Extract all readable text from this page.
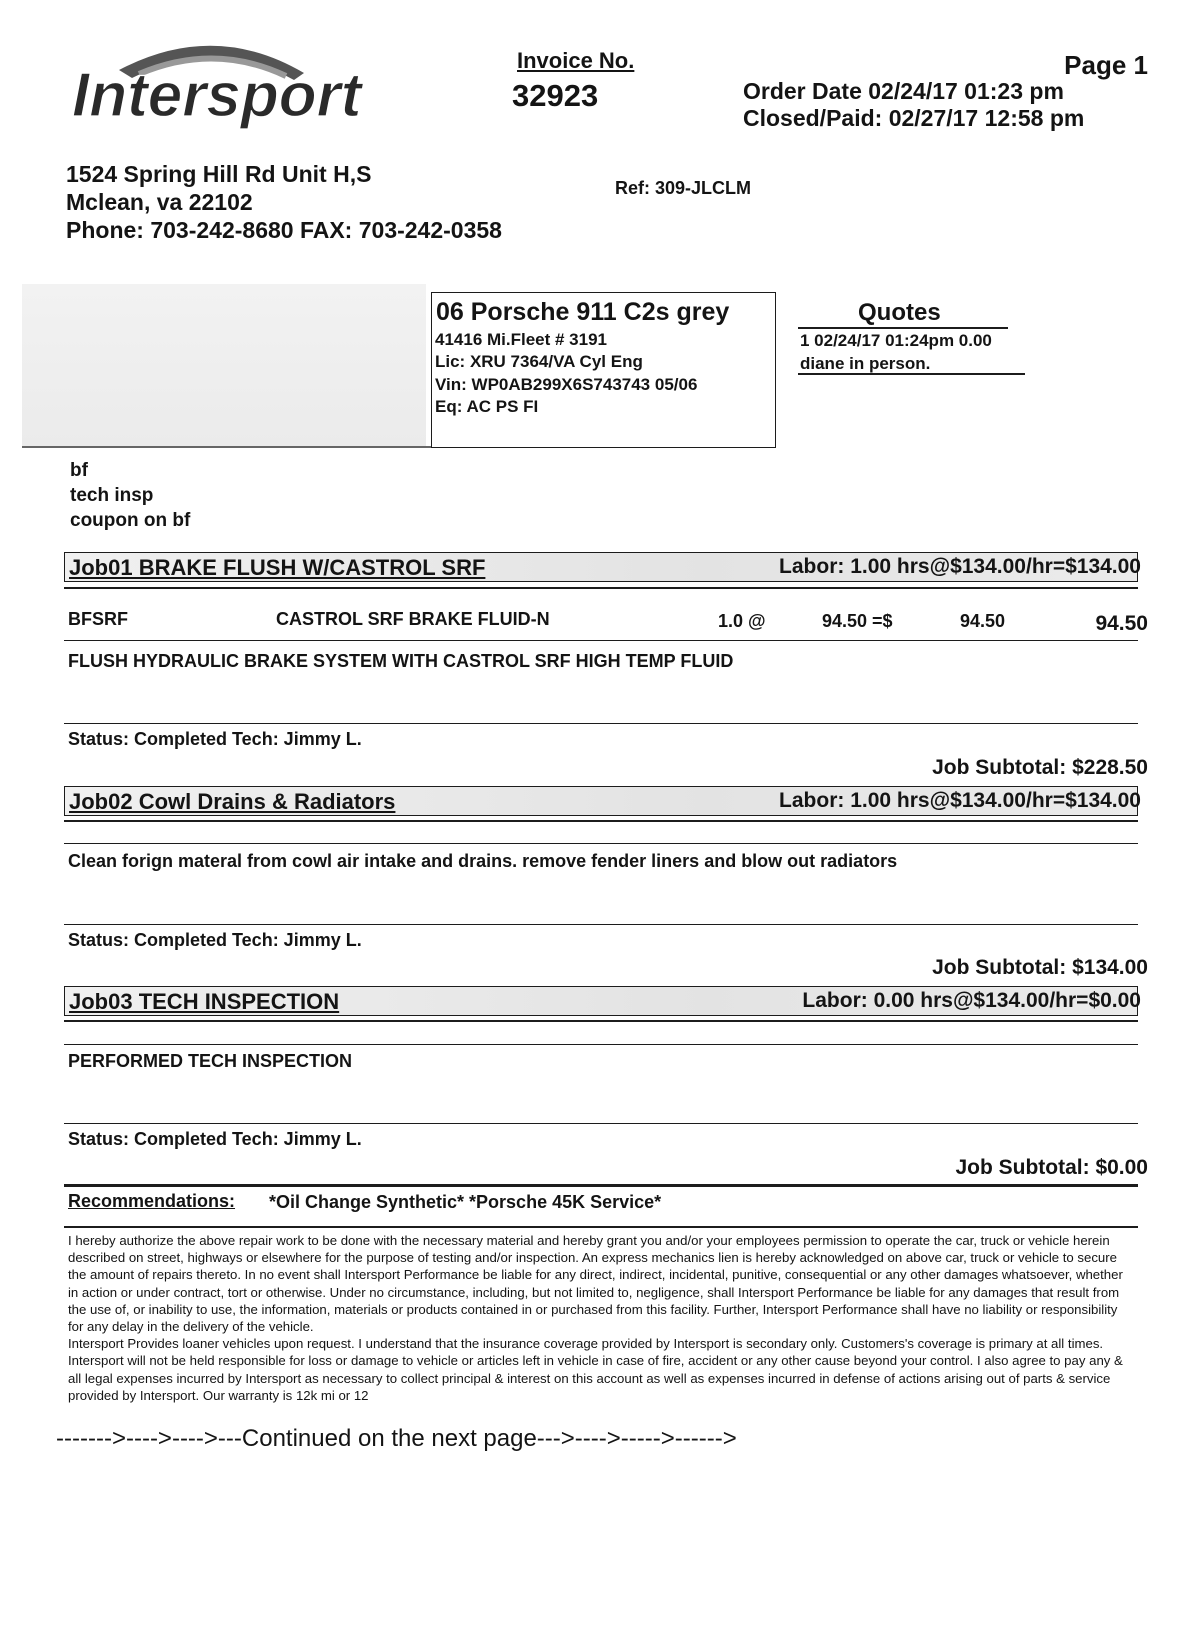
Intersport
Invoice No.
32923
Page 1
Order Date 02/24/17 01:23 pm
Closed/Paid: 02/27/17 12:58 pm
1524 Spring Hill Rd Unit H,S
Mclean, va 22102
Phone: 703-242-8680 FAX: 703-242-0358
Ref: 309-JLCLM
06 Porsche 911 C2s grey
41416 Mi.Fleet # 3191
Lic: XRU 7364/VA Cyl Eng
Vin: WP0AB299X6S743743 05/06
Eq: AC PS FI
Quotes
1 02/24/17 01:24pm 0.00
diane in person.
bf
tech insp
coupon on bf
Job01 BRAKE FLUSH W/CASTROL SRF	Labor: 1.00 hrs@$134.00/hr=$134.00
BFSRF	CASTROL SRF BRAKE FLUID-N	1.0 @	94.50 =$	94.50	94.50
FLUSH HYDRAULIC BRAKE SYSTEM WITH CASTROL SRF HIGH TEMP FLUID
Status: Completed Tech: Jimmy L.
Job Subtotal: $228.50
Job02 Cowl Drains & Radiators	Labor: 1.00 hrs@$134.00/hr=$134.00
Clean forign materal from cowl air intake and drains. remove fender liners and blow out radiators
Status: Completed Tech: Jimmy L.
Job Subtotal: $134.00
Job03 TECH INSPECTION	Labor: 0.00 hrs@$134.00/hr=$0.00
PERFORMED TECH INSPECTION
Status: Completed Tech: Jimmy L.
Job Subtotal: $0.00
Recommendations: *Oil Change Synthetic* *Porsche 45K Service*

I hereby authorize the above repair work to be done with the necessary material and hereby grant you and/or your employees permission to operate the car, truck or vehicle herein described on street, highways or elsewhere for the purpose of testing and/or inspection. An express mechanics lien is hereby acknowledged on above car, truck or vehicle to secure the amount of repairs thereto. In no event shall Intersport Performance be liable for any direct, indirect, incidental, punitive, consequential or any other damages whatsoever, whether in action or under contract, tort or otherwise. Under no circumstance, including, but not limited to, negligence, shall Intersport Performance be liable for any damages that result from the use of, or inability to use, the information, materials or products contained in or purchased from this facility. Further, Intersport Performance shall have no liability or responsibility for any delay in the delivery of the vehicle.

Intersport Provides loaner vehicles upon request. I understand that the insurance coverage provided by Intersport is secondary only. Customers's coverage is primary at all times. Intersport will not be held responsible for loss or damage to vehicle or articles left in vehicle in case of fire, accident or any other cause beyond your control. I also agree to pay any & all legal expenses incurred by Intersport as necessary to collect principal & interest on this account as well as expenses incurred in defense of actions arising out of parts & service provided by Intersport. Our warranty is 12k mi or 12

------->---->---->---Continued on the next page--->---->----->------>
